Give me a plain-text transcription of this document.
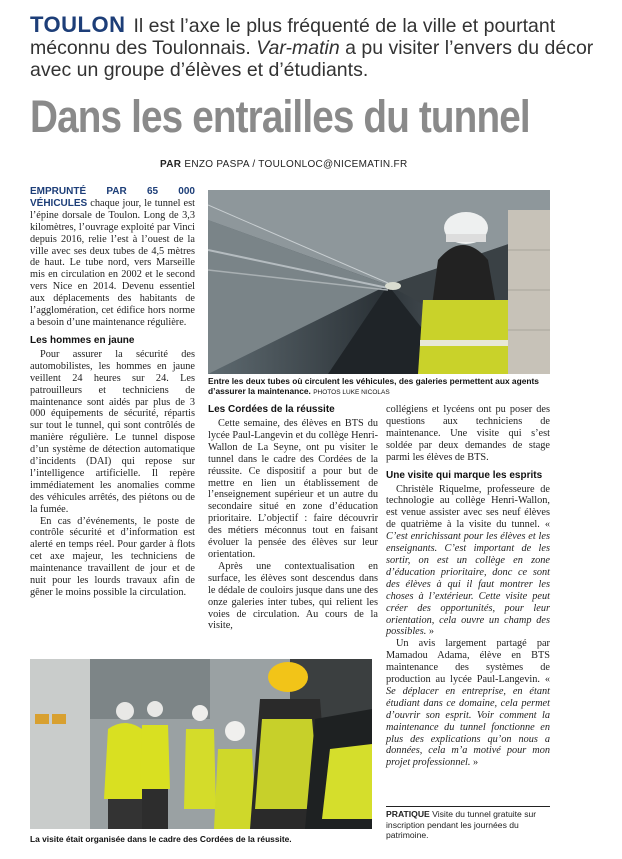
TOULON Il est l’axe le plus fréquenté de la ville et pourtant méconnu des Toulonnais. Var-matin a pu visiter l’envers du décor avec un groupe d’élèves et d’étudiants.
Dans les entrailles du tunnel
PAR ENZO PASPA / TOULONLOC@NICEMATIN.FR

EMPRUNTÉ PAR 65 000 VÉHICULES chaque jour, le tunnel est l’épine dorsale de Toulon. Long de 3,3 kilomètres, l’ouvrage exploité par Vinci depuis 2016, relie l’est à l’ouest de la ville avec ses deux tubes de 4,5 mètres de haut. Le tube nord, vers Marseille mis en circulation en 2002 et le second vers Nice en 2014. Devenu essentiel aux déplacements des habitants de l’agglomération, cet édifice hors norme a besoin d’une maintenance régulière.

Les hommes en jaune

Pour assurer la sécurité des automobilistes, les hommes en jaune veillent 24 heures sur 24. Les patrouilleurs et techniciens de maintenance sont aidés par plus de 3 000 équipements de sécurité, répartis sur tout le tunnel, qui sont contrôlés de manière régulière. Le tunnel dispose d’un système de détection automatique d’incidents (DAI) qui repose sur l’intelligence artificielle. Il repère immédiatement les anomalies comme des véhicules arrêtés, des piétons ou de la fumée.

En cas d’événements, le poste de contrôle sécurité et d’information est alerté en temps réel. Pour garder à flots cet axe majeur, les techniciens de maintenance travaillent de jour et de nuit pour les lourds travaux afin de gêner le moins possible la circulation.

Entre les deux tubes où circulent les véhicules, des galeries permettent aux agents d’assurer la maintenance. PHOTOS LUKE NICOLAS
Les Cordées de la réussite

Cette semaine, des élèves en BTS du lycée Paul-Langevin et du collège Henri-Wallon de La Seyne, ont pu visiter le tunnel dans le cadre des Cordées de la réussite. Ce dispositif a pour but de mettre en lien un établissement de l’enseignement supérieur et un autre du secondaire situé en zone d’éducation prioritaire. L’objectif : faire découvrir des métiers méconnus tout en faisant évoluer la pensée des élèves sur leur orientation.

Après une contextualisation en surface, les élèves sont descendus dans le dédale de couloirs jusque dans une des onze galeries inter tubes, qui relient les voies de circulation. Au cours de la visite,

collégiens et lycéens ont pu poser des questions aux techniciens de maintenance. Une visite qui s’est soldée par deux demandes de stage parmi les élèves de BTS.

Une visite qui marque les esprits

Christèle Riquelme, professeure de technologie au collège Henri-Wallon, est venue assister avec ses neuf élèves de quatrième à la visite du tunnel. « C’est enrichissant pour les élèves et les enseignants. C’est important de les sortir, on est un collège en zone d’éducation prioritaire, donc ce sont des élèves à qui il faut montrer les choses à l’extérieur. Cette visite peut créer des opportunités, pour leur orientation, cela ouvre un champ des possibles. »

Un avis largement partagé par Mamadou Adama, élève en BTS maintenance des systèmes de production au lycée Paul-Langevin. « Se déplacer en entreprise, en étant étudiant dans ce domaine, cela permet d’ouvrir son esprit. Voir comment la maintenance du tunnel fonctionne en plus des explications qu’on nous a données, cela m’a motivé pour mon projet professionnel. »

La visite était organisée dans le cadre des Cordées de la réussite.
PRATIQUE Visite du tunnel gratuite sur inscription pendant les journées du patrimoine.
